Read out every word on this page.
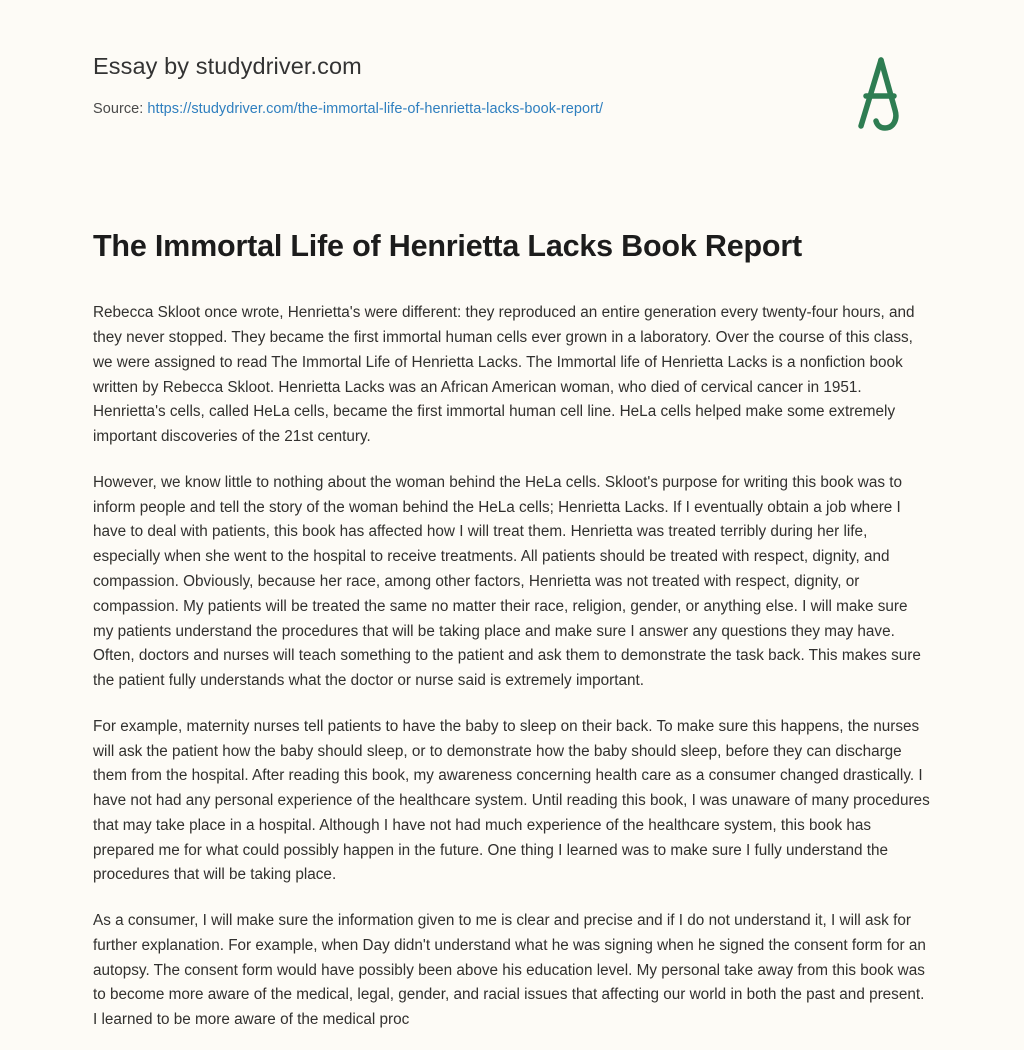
Essay by studydriver.com
Source: https://studydriver.com/the-immortal-life-of-henrietta-lacks-book-report/
The Immortal Life of Henrietta Lacks Book Report

Rebecca Skloot once wrote, Henrietta's were different: they reproduced an entire generation every twenty-four hours, and they never stopped. They became the first immortal human cells ever grown in a laboratory. Over the course of this class, we were assigned to read The Immortal Life of Henrietta Lacks. The Immortal life of Henrietta Lacks is a nonfiction book written by Rebecca Skloot. Henrietta Lacks was an African American woman, who died of cervical cancer in 1951. Henrietta's cells, called HeLa cells, became the first immortal human cell line. HeLa cells helped make some extremely important discoveries of the 21st century.

However, we know little to nothing about the woman behind the HeLa cells. Skloot's purpose for writing this book was to inform people and tell the story of the woman behind the HeLa cells; Henrietta Lacks. If I eventually obtain a job where I have to deal with patients, this book has affected how I will treat them. Henrietta was treated terribly during her life, especially when she went to the hospital to receive treatments. All patients should be treated with respect, dignity, and compassion. Obviously, because her race, among other factors, Henrietta was not treated with respect, dignity, or compassion. My patients will be treated the same no matter their race, religion, gender, or anything else. I will make sure my patients understand the procedures that will be taking place and make sure I answer any questions they may have. Often, doctors and nurses will teach something to the patient and ask them to demonstrate the task back. This makes sure the patient fully understands what the doctor or nurse said is extremely important.

For example, maternity nurses tell patients to have the baby to sleep on their back. To make sure this happens, the nurses will ask the patient how the baby should sleep, or to demonstrate how the baby should sleep, before they can discharge them from the hospital. After reading this book, my awareness concerning health care as a consumer changed drastically. I have not had any personal experience of the healthcare system. Until reading this book, I was unaware of many procedures that may take place in a hospital. Although I have not had much experience of the healthcare system, this book has prepared me for what could possibly happen in the future. One thing I learned was to make sure I fully understand the procedures that will be taking place.

As a consumer, I will make sure the information given to me is clear and precise and if I do not understand it, I will ask for further explanation. For example, when Day didn't understand what he was signing when he signed the consent form for an autopsy. The consent form would have possibly been above his education level. My personal take away from this book was to become more aware of the medical, legal, gender, and racial issues that affecting our world in both the past and present. I learned to be more aware of the medical proc
